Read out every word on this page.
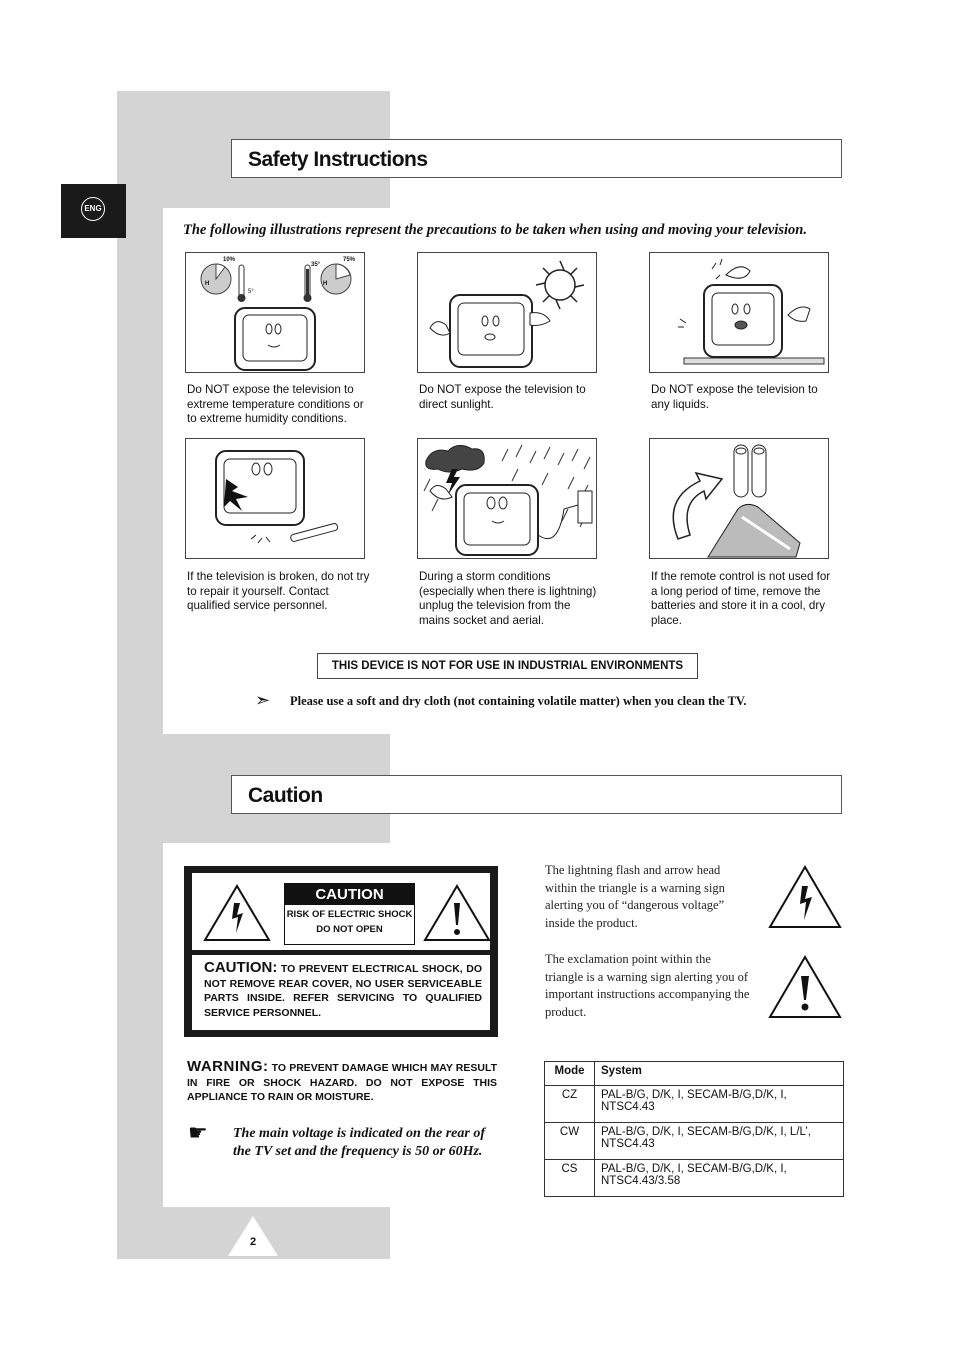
ENG
Safety Instructions
The following illustrations represent the precautions to be taken when using and moving your television.
10%
5°
35°
75%
H	H
Do NOT expose the television to extreme temperature conditions or to extreme humidity conditions.
Do NOT expose the television to direct sunlight.
Do NOT expose the television to any liquids.
If the television is broken, do not try to repair it yourself. Contact qualified service personnel.
During a storm conditions (especially when there is lightning) unplug the television from the mains socket and aerial.
If the remote control is not used for a long period of time, remove the batteries and store it in a cool, dry place.
THIS DEVICE IS NOT FOR USE IN INDUSTRIAL ENVIRONMENTS
➣ Please use a soft and dry cloth (not containing volatile matter) when you clean the TV.
Caution
CAUTION
RISK OF ELECTRIC SHOCK
DO NOT OPEN
CAUTION: TO PREVENT ELECTRICAL SHOCK, DO NOT REMOVE REAR COVER, NO USER SERVICEABLE PARTS INSIDE. REFER SERVICING TO QUALIFIED SERVICE PERSONNEL.
WARNING: TO PREVENT DAMAGE WHICH MAY RESULT IN FIRE OR SHOCK HAZARD. DO NOT EXPOSE THIS APPLIANCE TO RAIN OR MOISTURE.
☛ The main voltage is indicated on the rear of the TV set and the frequency is 50 or 60Hz.
The lightning flash and arrow head within the triangle is a warning sign alerting you of “dangerous voltage” inside the product.
The exclamation point within the triangle is a warning sign alerting you of important instructions accompanying the product.
Mode	System
CZ	PAL-B/G, D/K, I, SECAM-B/G,D/K, I, NTSC4.43
CW	PAL-B/G, D/K, I, SECAM-B/G,D/K, I, L/L’, NTSC4.43
CS	PAL-B/G, D/K, I, SECAM-B/G,D/K, I, NTSC4.43/3.58
2
